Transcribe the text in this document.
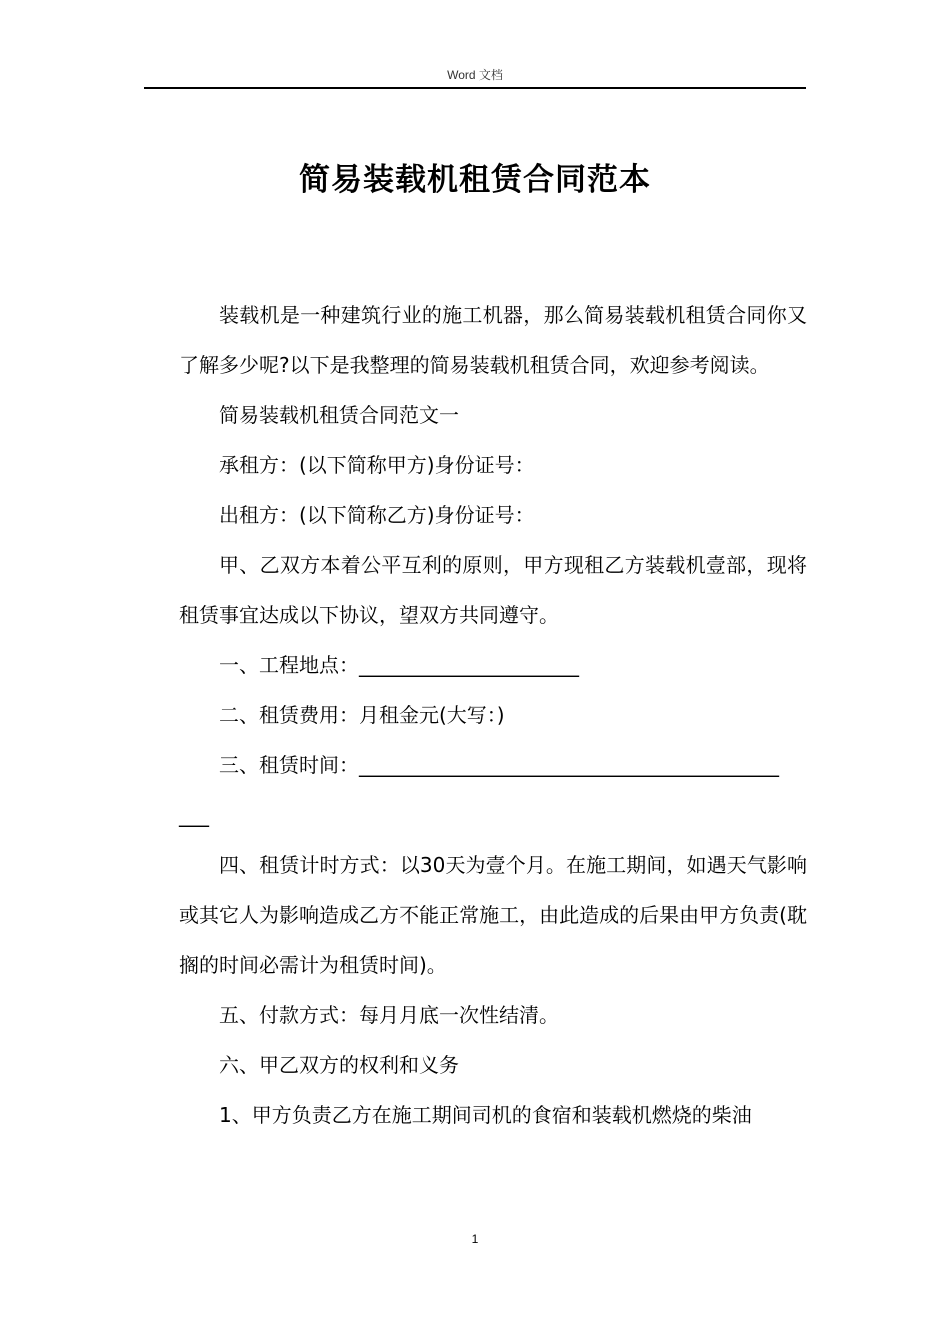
Word 文档
简易装载机租赁合同范本

装载机是一种建筑行业的施工机器，那么简易装载机租赁合同你又了解多少呢?以下是我整理的简易装载机租赁合同，欢迎参考阅读。

简易装载机租赁合同范文一

承租方：(以下简称甲方)身份证号：

出租方：(以下简称乙方)身份证号：

甲、乙双方本着公平互利的原则，甲方现租乙方装载机壹部，现将租赁事宜达成以下协议，望双方共同遵守。

一、工程地点：______________________

二、租赁费用：月租金元(大写：)

三、租赁时间：__________________________________________

___

四、租赁计时方式：以30天为壹个月。在施工期间，如遇天气影响或其它人为影响造成乙方不能正常施工，由此造成的后果由甲方负责(耽搁的时间必需计为租赁时间)。

五、付款方式：每月月底一次性结清。

六、甲乙双方的权利和义务

1、甲方负责乙方在施工期间司机的食宿和装载机燃烧的柴油

1
